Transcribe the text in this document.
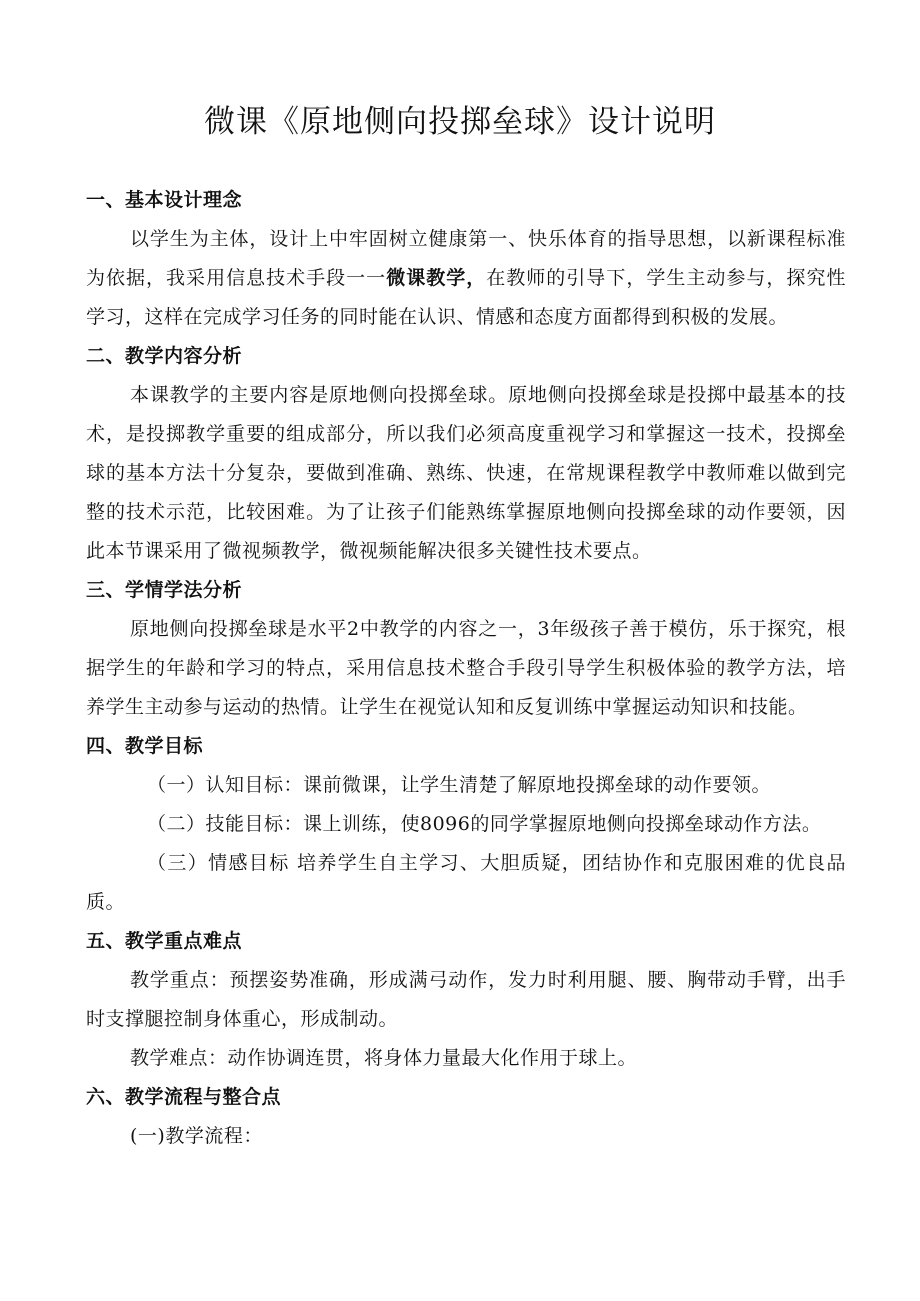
微课《原地侧向投掷垒球》设计说明

一、基本设计理念

以学生为主体，设计上中牢固树立健康第一、快乐体育的指导思想，以新课程标准为依据，我采用信息技术手段一一微课教学，在教师的引导下，学生主动参与，探究性学习，这样在完成学习任务的同时能在认识、情感和态度方面都得到积极的发展。

二、教学内容分析

本课教学的主要内容是原地侧向投掷垒球。原地侧向投掷垒球是投掷中最基本的技术，是投掷教学重要的组成部分，所以我们必须高度重视学习和掌握这一技术，投掷垒球的基本方法十分复杂，要做到准确、熟练、快速，在常规课程教学中教师难以做到完整的技术示范，比较困难。为了让孩子们能熟练掌握原地侧向投掷垒球的动作要领，因此本节课采用了微视频教学，微视频能解决很多关键性技术要点。

三、学情学法分析

原地侧向投掷垒球是水平2中教学的内容之一，3年级孩子善于模仿，乐于探究，根据学生的年龄和学习的特点，采用信息技术整合手段引导学生积极体验的教学方法，培养学生主动参与运动的热情。让学生在视觉认知和反复训练中掌握运动知识和技能。

四、教学目标

（一）认知目标：课前微课，让学生清楚了解原地投掷垒球的动作要领。

（二）技能目标：课上训练，使8096的同学掌握原地侧向投掷垒球动作方法。

（三）情感目标 培养学生自主学习、大胆质疑，团结协作和克服困难的优良品质。

五、教学重点难点

教学重点：预摆姿势准确，形成满弓动作，发力时利用腿、腰、胸带动手臂，出手时支撑腿控制身体重心，形成制动。

教学难点：动作协调连贯，将身体力量最大化作用于球上。

六、教学流程与整合点

(一)教学流程：
